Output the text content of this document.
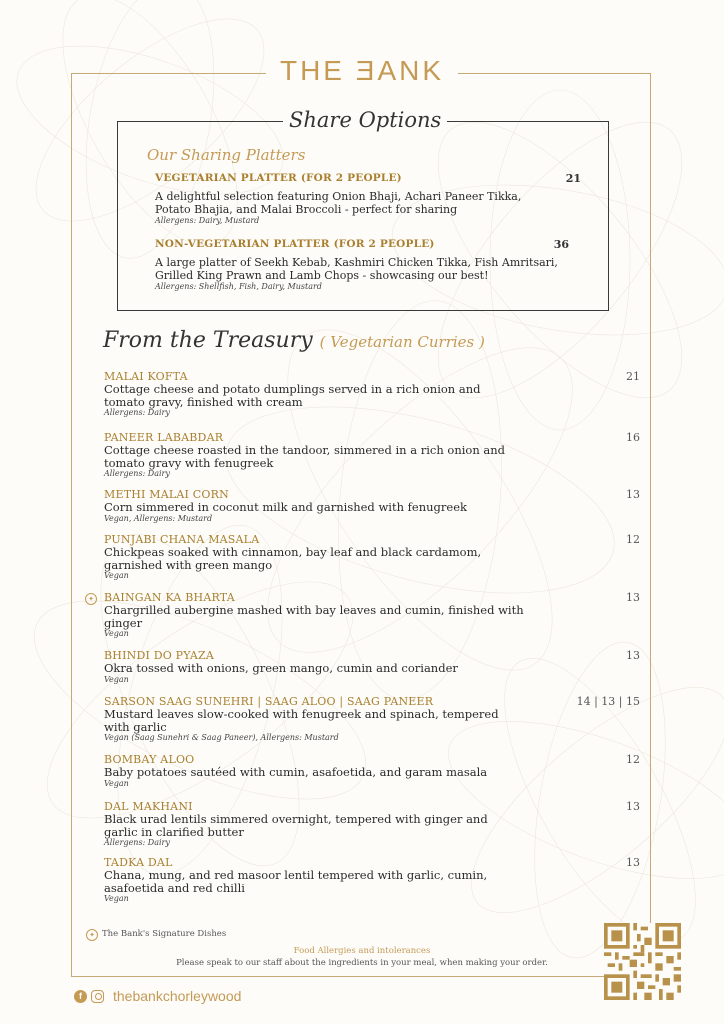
THE ƎANK
Share Options
Our Sharing Platters
VEGETARIAN PLATTER (FOR 2 PEOPLE)	21
A delightful selection featuring Onion Bhaji, Achari Paneer Tikka, Potato Bhajia, and Malai Broccoli - perfect for sharing
Allergens: Dairy, Mustard
NON-VEGETARIAN PLATTER (FOR 2 PEOPLE)	36
A large platter of Seekh Kebab, Kashmiri Chicken Tikka, Fish Amritsari, Grilled King Prawn and Lamb Chops - showcasing our best!
Allergens: Shellfish, Fish, Dairy, Mustard
From the Treasury ( Vegetarian Curries )
MALAI KOFTA	21
Cottage cheese and potato dumplings served in a rich onion and tomato gravy, finished with cream
Allergens: Dairy
PANEER LABABDAR	16
Cottage cheese roasted in the tandoor, simmered in a rich onion and tomato gravy with fenugreek
Allergens: Dairy
METHI MALAI CORN	13
Corn simmered in coconut milk and garnished with fenugreek
Vegan, Allergens: Mustard
PUNJABI CHANA MASALA	12
Chickpeas soaked with cinnamon, bay leaf and black cardamom, garnished with green mango
Vegan
✦ BAINGAN KA BHARTA	13
Chargrilled aubergine mashed with bay leaves and cumin, finished with ginger
Vegan
BHINDI DO PYAZA	13
Okra tossed with onions, green mango, cumin and coriander
Vegan
SARSON SAAG SUNEHRI | SAAG ALOO | SAAG PANEER	14 | 13 | 15
Mustard leaves slow-cooked with fenugreek and spinach, tempered with garlic
Vegan (Saag Sunehri & Saag Paneer), Allergens: Mustard
BOMBAY ALOO	12
Baby potatoes sautéed with cumin, asafoetida, and garam masala
Vegan
DAL MAKHANI	13
Black urad lentils simmered overnight, tempered with ginger and garlic in clarified butter
Allergens: Dairy
TADKA DAL	13
Chana, mung, and red masoor lentil tempered with garlic, cumin, asafoetida and red chilli
Vegan
✦ The Bank's Signature Dishes
Food Allergies and intolerances
Please speak to our staff about the ingredients in your meal, when making your order.
f	thebankchorleywood
